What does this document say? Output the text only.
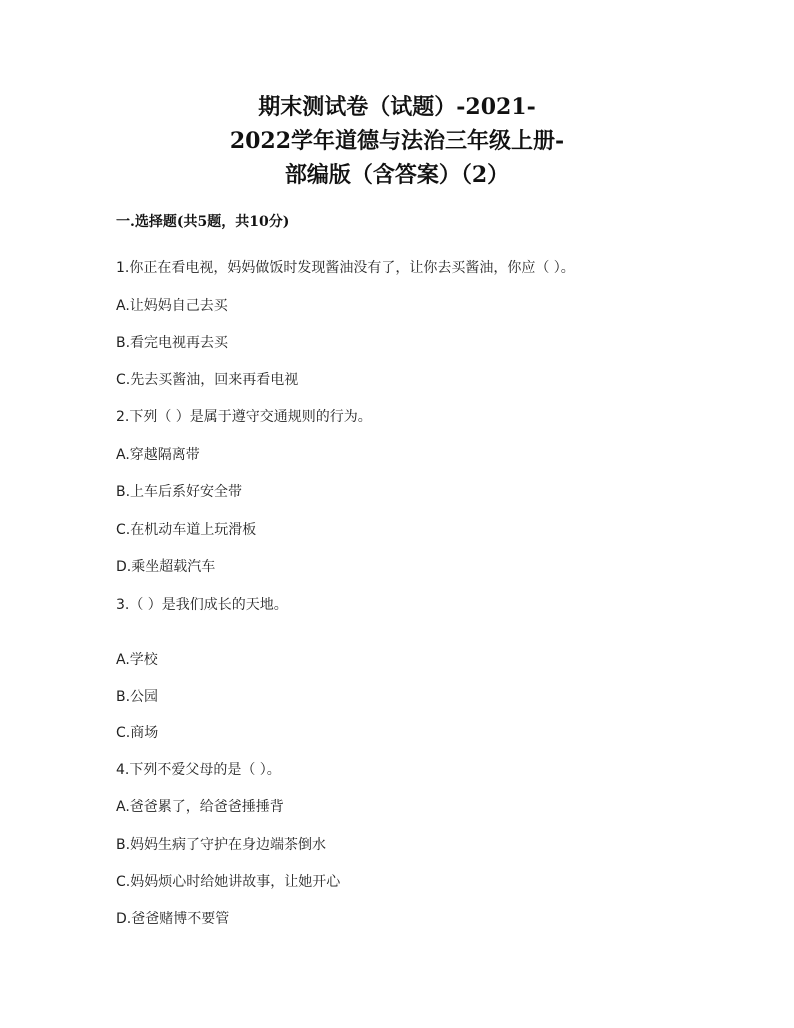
期末测试卷（试题）-2021-
2022学年道德与法治三年级上册-
部编版（含答案）（2）
一.选择题(共5题，共10分)
1.你正在看电视，妈妈做饭时发现酱油没有了，让你去买酱油，你应（ ）。
A.让妈妈自己去买
B.看完电视再去买
C.先去买酱油，回来再看电视
2.下列（ ）是属于遵守交通规则的行为。
A.穿越隔离带
B.上车后系好安全带
C.在机动车道上玩滑板
D.乘坐超载汽车
3.（ ）是我们成长的天地。
A.学校
B.公园
C.商场
4.下列不爱父母的是（ ）。
A.爸爸累了，给爸爸捶捶背
B.妈妈生病了守护在身边端茶倒水
C.妈妈烦心时给她讲故事，让她开心
D.爸爸赌博不要管
